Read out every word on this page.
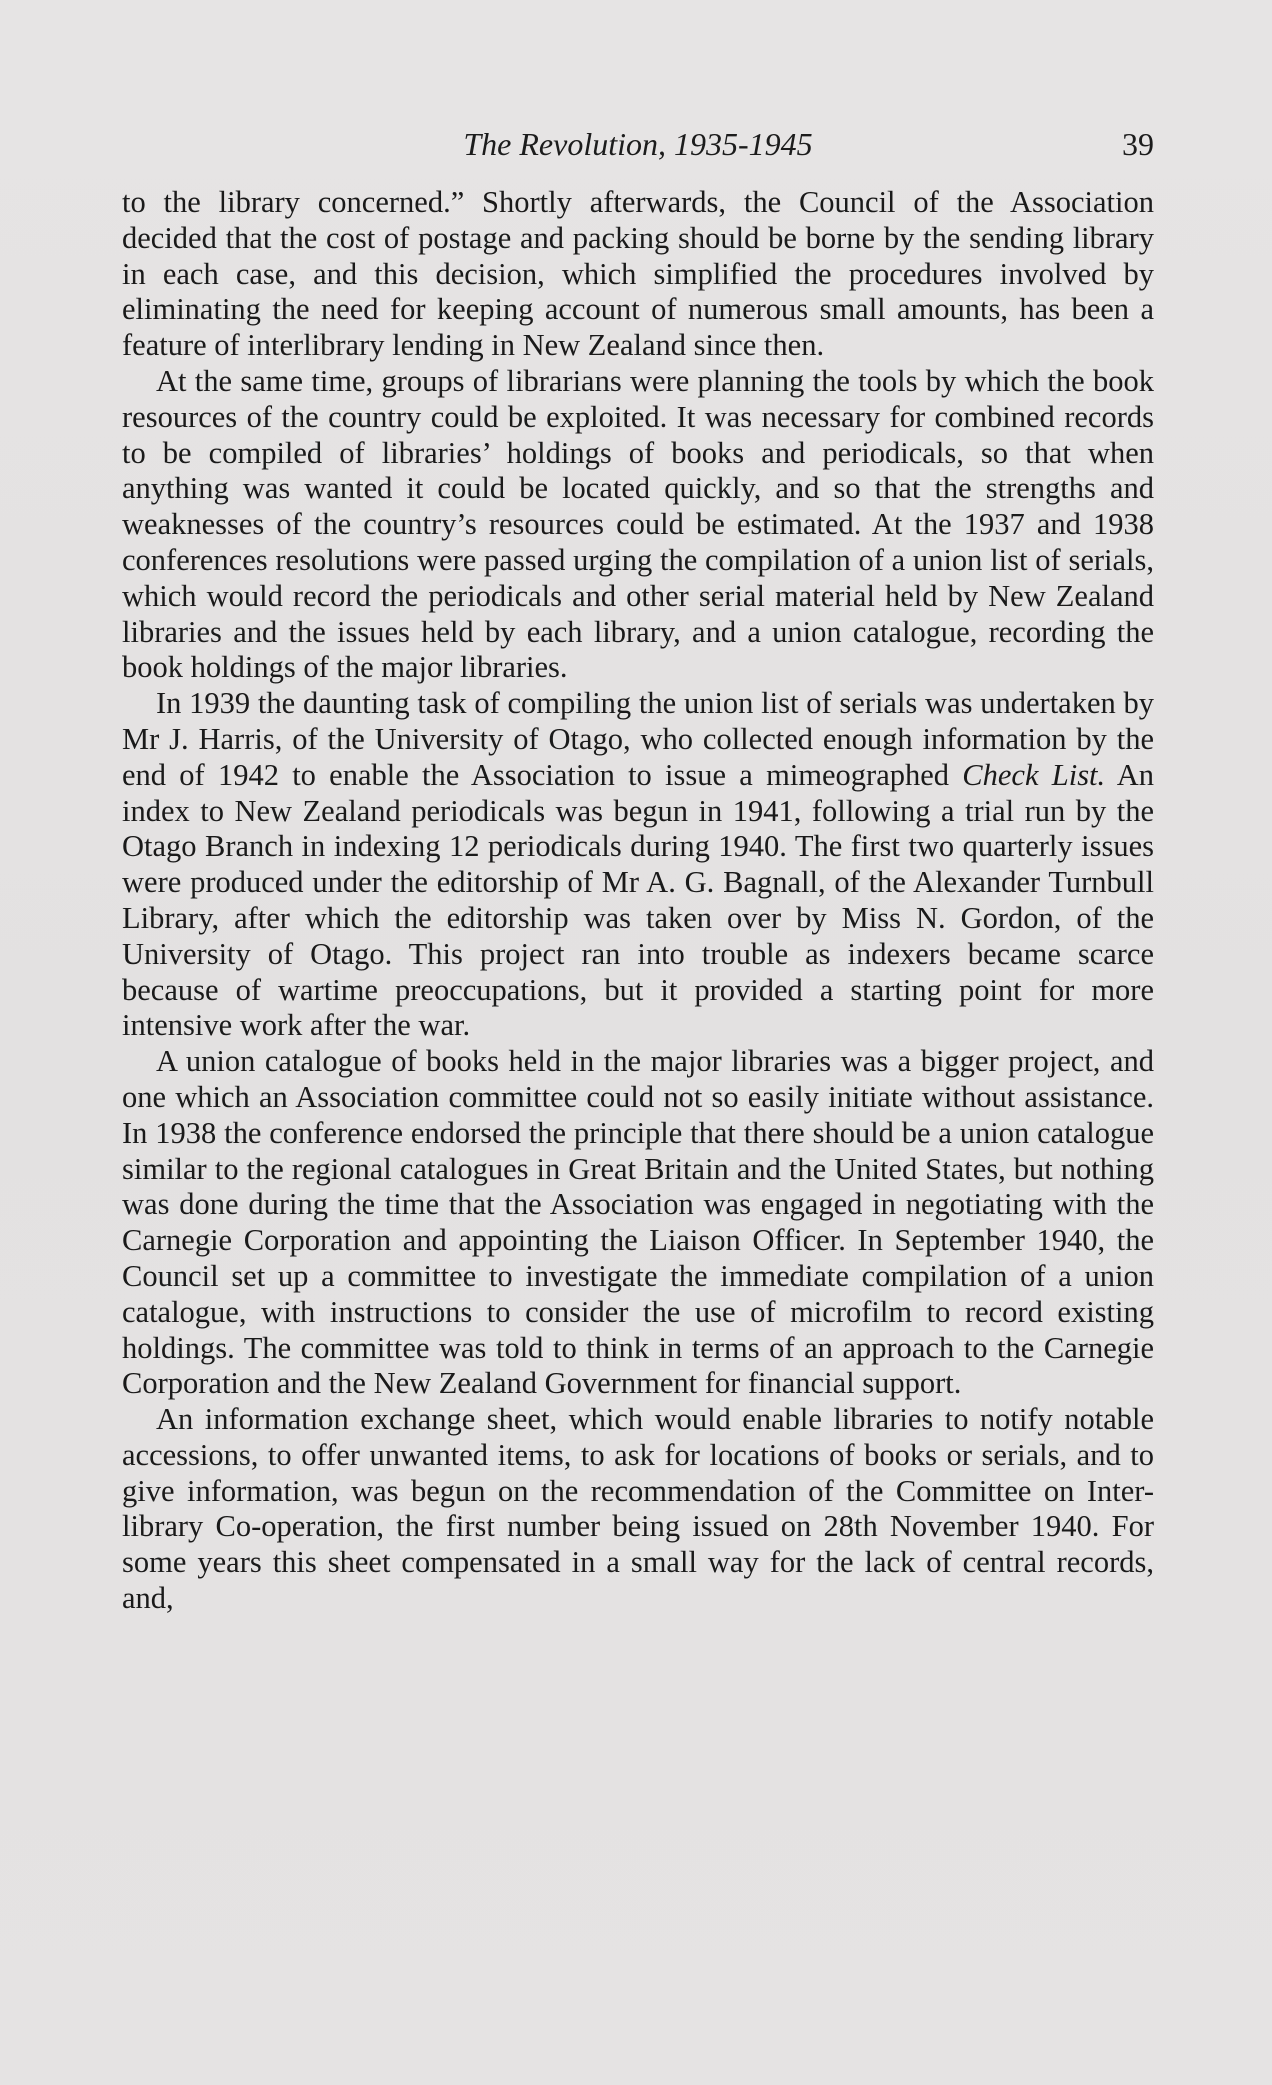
The Revolution, 1935-1945	39

to the library concerned.” Shortly afterwards, the Council of the Association decided that the cost of postage and packing should be borne by the sending library in each case, and this decision, which simplified the procedures involved by eliminating the need for keeping account of numerous small amounts, has been a feature of interlibrary lending in New Zealand since then.

At the same time, groups of librarians were planning the tools by which the book resources of the country could be exploited. It was necessary for combined records to be compiled of libraries’ holdings of books and periodicals, so that when anything was wanted it could be located quickly, and so that the strengths and weaknesses of the country’s resources could be estimated. At the 1937 and 1938 conferences resolutions were passed urging the compilation of a union list of serials, which would record the periodicals and other serial material held by New Zealand libraries and the issues held by each library, and a union catalogue, recording the book holdings of the major libraries.

In 1939 the daunting task of compiling the union list of serials was undertaken by Mr J. Harris, of the University of Otago, who collected enough information by the end of 1942 to enable the Association to issue a mimeographed Check List. An index to New Zealand periodicals was begun in 1941, following a trial run by the Otago Branch in indexing 12 periodicals during 1940. The first two quarterly issues were produced under the editorship of Mr A. G. Bagnall, of the Alexander Turnbull Library, after which the editorship was taken over by Miss N. Gordon, of the University of Otago. This project ran into trouble as indexers became scarce because of wartime preoccupations, but it provided a starting point for more intensive work after the war.

A union catalogue of books held in the major libraries was a bigger project, and one which an Association committee could not so easily initiate without assistance. In 1938 the conference endorsed the principle that there should be a union catalogue similar to the regional catalogues in Great Britain and the United States, but nothing was done during the time that the Association was engaged in negotiating with the Carnegie Corporation and appointing the Liaison Officer. In September 1940, the Council set up a committee to investigate the immediate compilation of a union catalogue, with instructions to consider the use of microfilm to record existing holdings. The committee was told to think in terms of an approach to the Carnegie Corporation and the New Zealand Government for financial support.

An information exchange sheet, which would enable libraries to notify notable accessions, to offer unwanted items, to ask for locations of books or serials, and to give information, was begun on the recommendation of the Committee on Inter-library Co-operation, the first number being issued on 28th November 1940. For some years this sheet compensated in a small way for the lack of central records, and,
